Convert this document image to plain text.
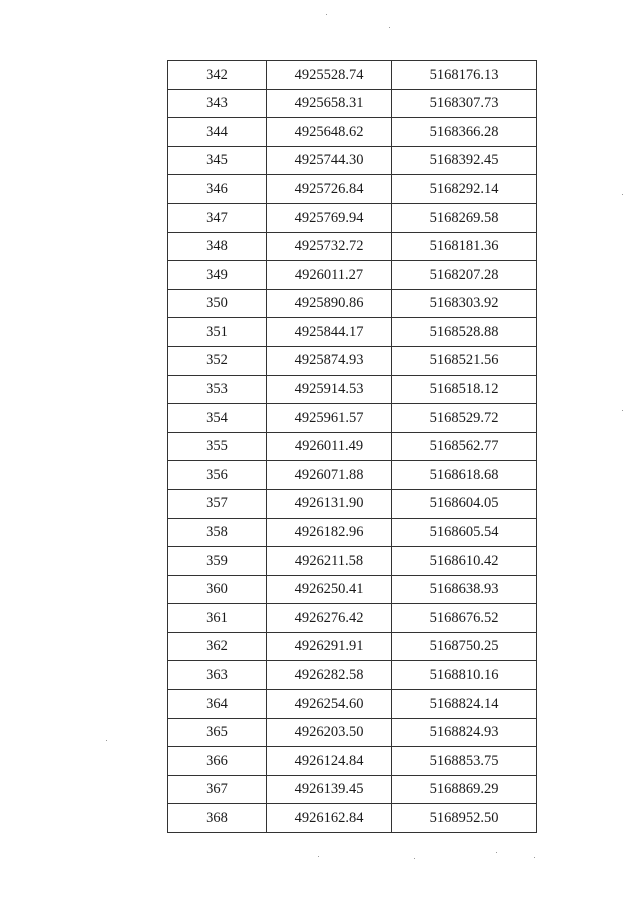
342	4925528.74	5168176.13
343	4925658.31	5168307.73
344	4925648.62	5168366.28
345	4925744.30	5168392.45
346	4925726.84	5168292.14
347	4925769.94	5168269.58
348	4925732.72	5168181.36
349	4926011.27	5168207.28
350	4925890.86	5168303.92
351	4925844.17	5168528.88
352	4925874.93	5168521.56
353	4925914.53	5168518.12
354	4925961.57	5168529.72
355	4926011.49	5168562.77
356	4926071.88	5168618.68
357	4926131.90	5168604.05
358	4926182.96	5168605.54
359	4926211.58	5168610.42
360	4926250.41	5168638.93
361	4926276.42	5168676.52
362	4926291.91	5168750.25
363	4926282.58	5168810.16
364	4926254.60	5168824.14
365	4926203.50	5168824.93
366	4926124.84	5168853.75
367	4926139.45	5168869.29
368	4926162.84	5168952.50
